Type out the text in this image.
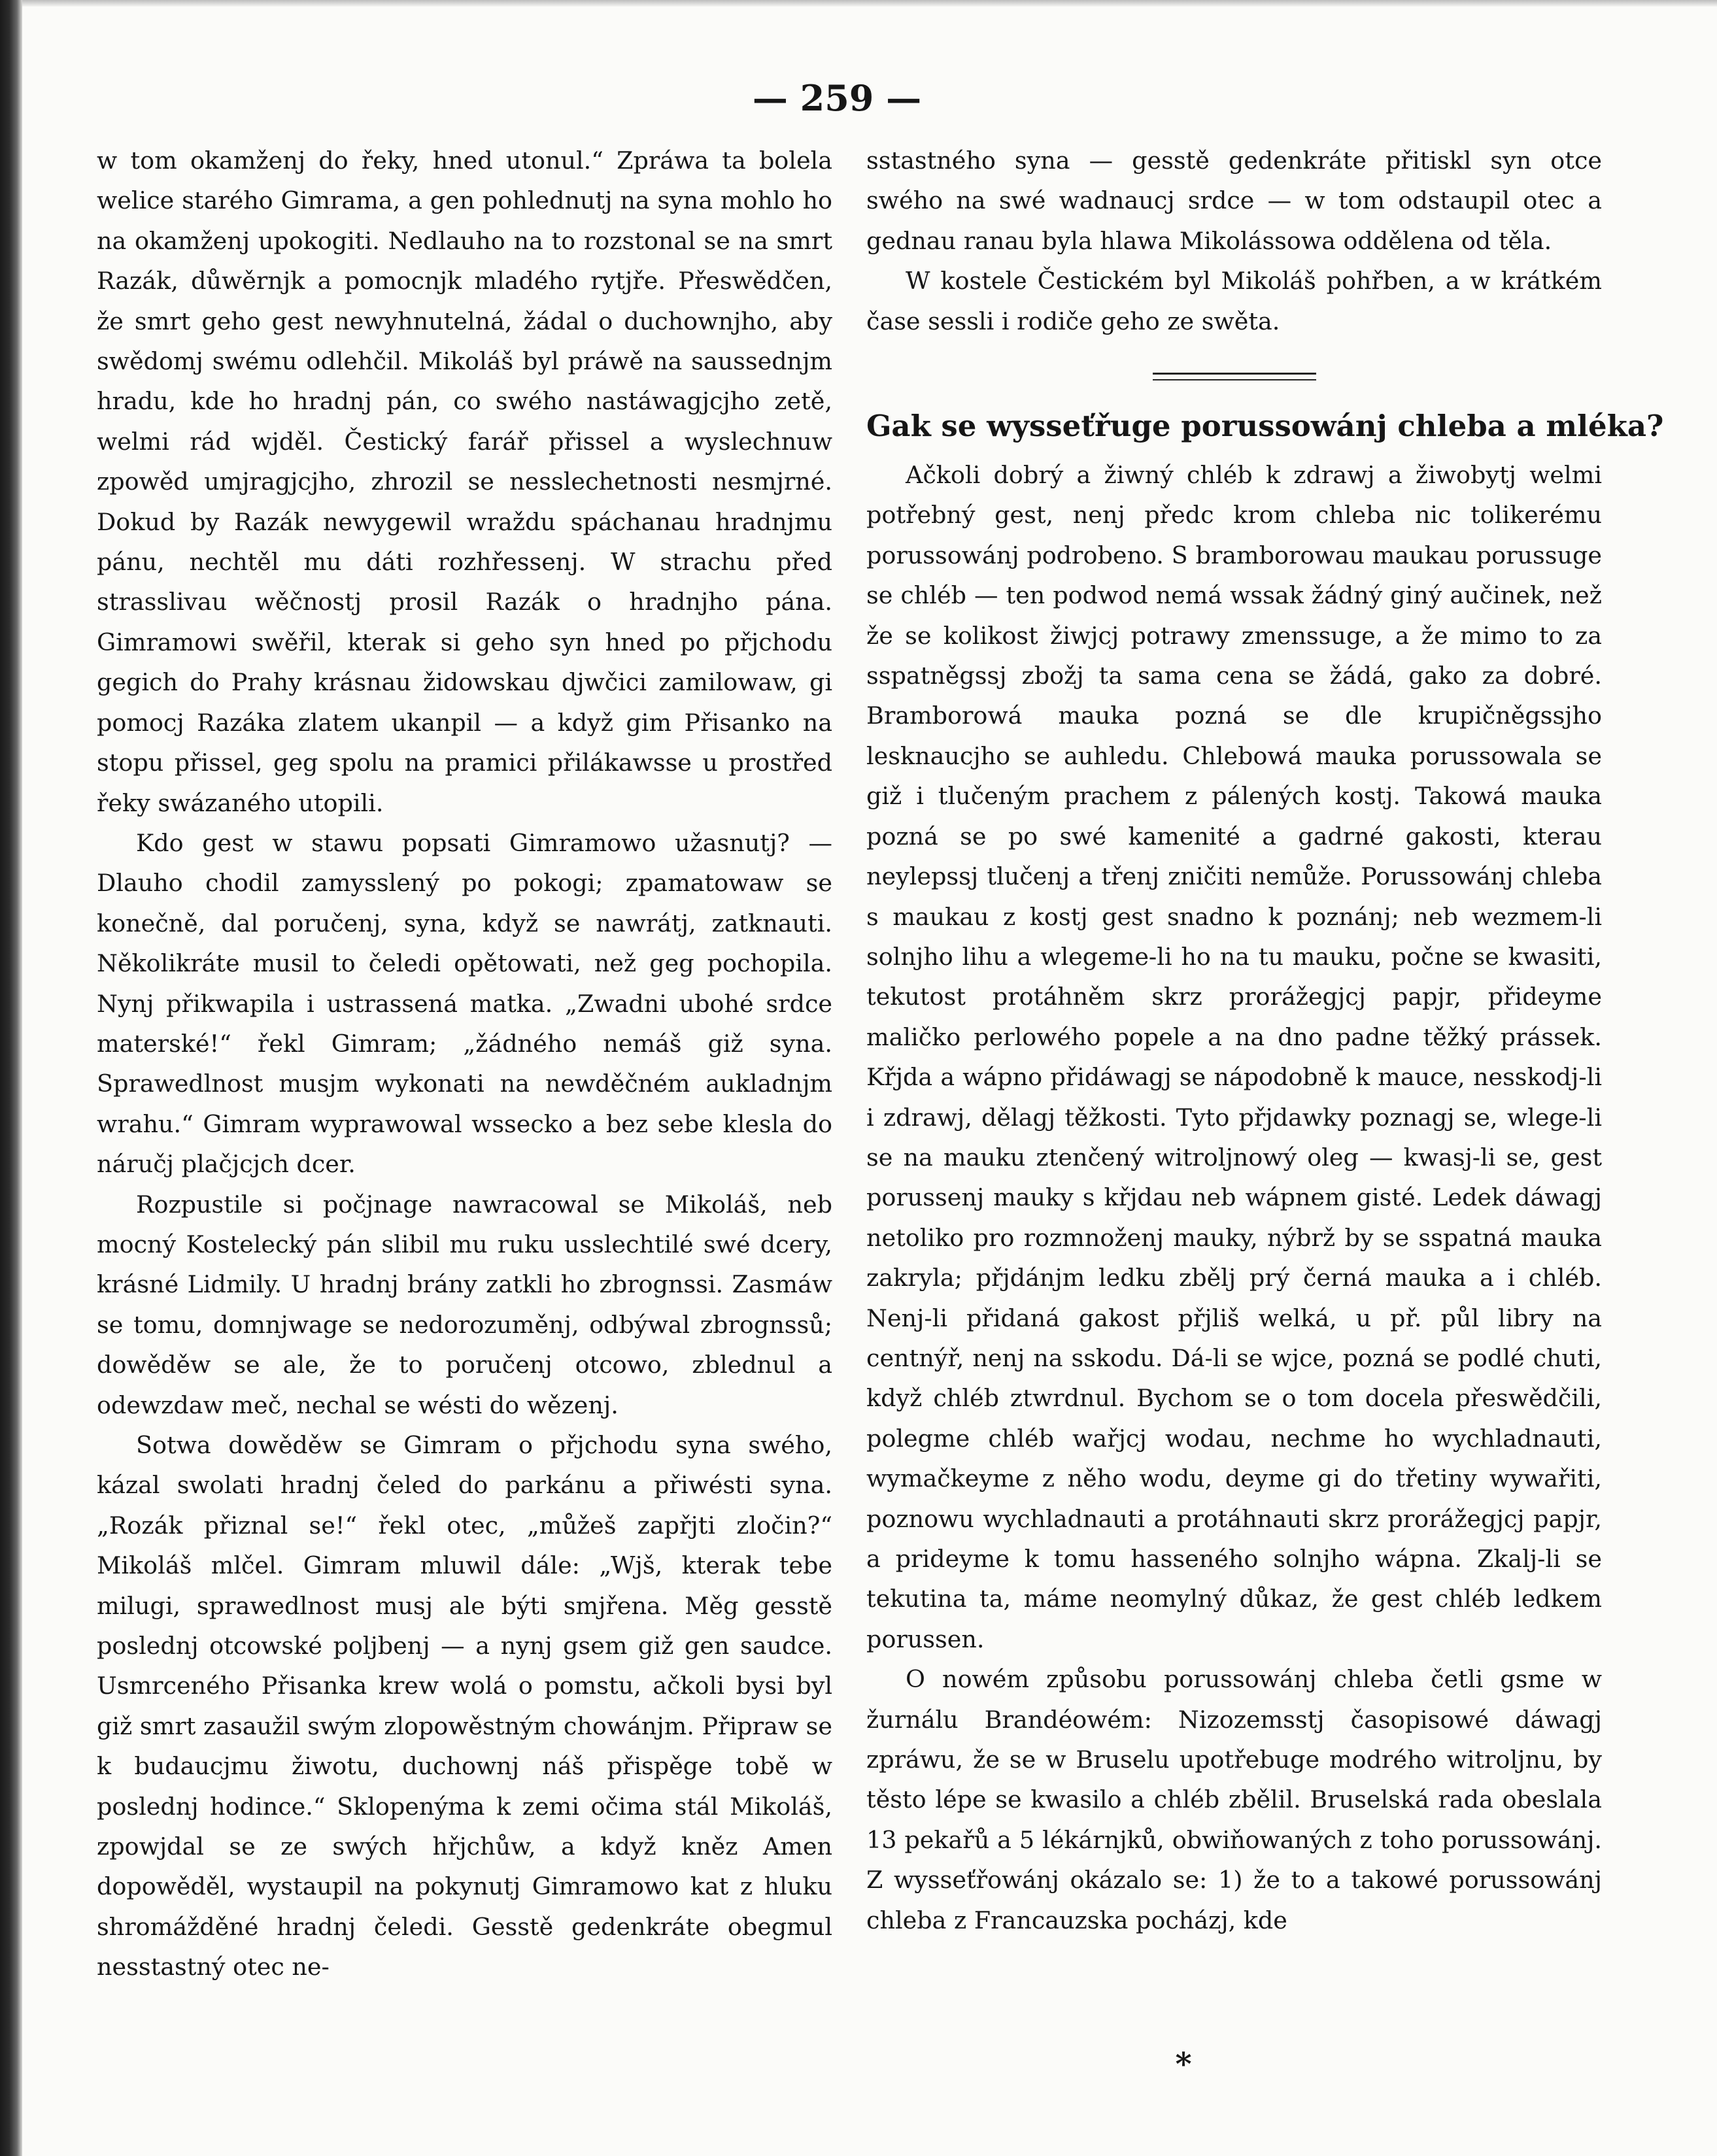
— 259 —

w tom okamženj do řeky, hned utonul.“ Zpráwa ta bolela welice starého Gimrama, a gen pohlednutj na syna mohlo ho na okamženj upokogiti. Nedlauho na to rozstonal se na smrt Razák, důwěrnjk a pomocnjk mladého rytjře. Přeswědčen, že smrt geho gest newyhnutelná, žádal o duchownjho, aby swědomj swému odlehčil. Mikoláš byl práwě na saussednjm hradu, kde ho hradnj pán, co swého nastáwagjcjho zetě, welmi rád wjděl. Čestický farář přissel a wyslechnuw zpowěd umjragjcjho, zhrozil se nesslechetnosti nesmjrné. Dokud by Razák newygewil wraždu spáchanau hradnjmu pánu, nechtěl mu dáti rozhřessenj. W strachu před strasslivau wěčnostj prosil Razák o hradnjho pána. Gimramowi swěřil, kterak si geho syn hned po přjchodu gegich do Prahy krásnau židowskau djwčici zamilowaw, gi pomocj Razáka zlatem ukanpil — a když gim Přisanko na stopu přissel, geg spolu na pramici přilákawsse u prostřed řeky swázaného utopili.

Kdo gest w stawu popsati Gimramowo užasnutj? — Dlauho chodil zamysslený po pokogi; zpamatowaw se konečně, dal poručenj, syna, když se nawrátj, zatknauti. Několikráte musil to čeledi opětowati, než geg pochopila. Nynj přikwapila i ustrassená matka. „Zwadni ubohé srdce materské!“ řekl Gimram; „žádného nemáš giž syna. Sprawedlnost musjm wykonati na newděčném aukladnjm wrahu.“ Gimram wyprawowal wssecko a bez sebe klesla do náručj plačjcjch dcer.

Rozpustile si počjnage nawracowal se Mikoláš, neb mocný Kostelecký pán slibil mu ruku usslechtilé swé dcery, krásné Lidmily. U hradnj brány zatkli ho zbrognssi. Zasmáw se tomu, domnjwage se nedorozuměnj, odbýwal zbrognssů; dowěděw se ale, že to poručenj otcowo, zblednul a odewzdaw meč, nechal se wésti do wězenj.

Sotwa dowěděw se Gimram o přjchodu syna swého, kázal swolati hradnj čeled do parkánu a přiwésti syna. „Rozák přiznal se!“ řekl otec, „můžeš zapřjti zločin?“ Mikoláš mlčel. Gimram mluwil dále: „Wjš, kterak tebe milugi, sprawedlnost musj ale býti smjřena. Měg gesstě poslednj otcowské poljbenj — a nynj gsem giž gen saudce. Usmrceného Přisanka krew wolá o pomstu, ačkoli bysi byl giž smrt zasaužil swým zlopowěstným chowánjm. Připraw se k budaucjmu žiwotu, duchownj náš přispěge tobě w poslednj hodince.“ Sklopenýma k zemi očima stál Mikoláš, zpowjdal se ze swých hřjchůw, a když kněz Amen dopowěděl, wystaupil na pokynutj Gimramowo kat z hluku shromážděné hradnj čeledi. Gesstě gedenkráte obegmul nesstastný otec ne-

sstastného syna — gesstě gedenkráte přitiskl syn otce swého na swé wadnaucj srdce — w tom odstaupil otec a gednau ranau byla hlawa Mikolássowa oddělena od těla.

W kostele Čestickém byl Mikoláš pohřben, a w krátkém čase sessli i rodiče geho ze swěta.

Gak se wysseťřuge porussowánj chleba a mléka?

Ačkoli dobrý a žiwný chléb k zdrawj a žiwobytj welmi potřebný gest, nenj předc krom chleba nic tolikerému porussowánj podrobeno. S bramborowau maukau porussuge se chléb — ten podwod nemá wssak žádný giný aučinek, než že se kolikost žiwjcj potrawy zmenssuge, a že mimo to za sspatněgssj zbožj ta sama cena se žádá, gako za dobré. Bramborowá mauka pozná se dle krupičněgssjho lesknaucjho se auhledu. Chlebowá mauka porussowala se giž i tlučeným prachem z pálených kostj. Takowá mauka pozná se po swé kamenité a gadrné gakosti, kterau neylepssj tlučenj a třenj zničiti nemůže. Porussowánj chleba s maukau z kostj gest snadno k poznánj; neb wezmem-li solnjho lihu a wlegeme-li ho na tu mauku, počne se kwasiti, tekutost protáhněm skrz prorážegjcj papjr, přideyme maličko perlowého popele a na dno padne těžký prássek. Křjda a wápno přidáwagj se nápodobně k mauce, nesskodj-li i zdrawj, dělagj těžkosti. Tyto přjdawky poznagj se, wlege-li se na mauku ztenčený witroljnowý oleg — kwasj-li se, gest porussenj mauky s křjdau neb wápnem gisté. Ledek dáwagj netoliko pro rozmnoženj mauky, nýbrž by se sspatná mauka zakryla; přjdánjm ledku zbělj prý černá mauka a i chléb. Nenj-li přidaná gakost přjliš welká, u př. půl libry na centnýř, nenj na sskodu. Dá-li se wjce, pozná se podlé chuti, když chléb ztwrdnul. Bychom se o tom docela přeswědčili, polegme chléb wařjcj wodau, nechme ho wychladnauti, wymačkeyme z něho wodu, deyme gi do třetiny wywařiti, poznowu wychladnauti a protáhnauti skrz prorážegjcj papjr, a prideyme k tomu hasseného solnjho wápna. Zkalj-li se tekutina ta, máme neomylný důkaz, že gest chléb ledkem porussen.

O nowém způsobu porussowánj chleba četli gsme w žurnálu Brandéowém: Nizozemsstj časopisowé dáwagj zpráwu, že se w Bruselu upotřebuge modrého witroljnu, by těsto lépe se kwasilo a chléb zbělil. Bruselská rada obeslala 13 pekařů a 5 lékárnjků, obwiňowaných z toho porussowánj. Z wysseťřowánj okázalo se: 1) že to a takowé porussowánj chleba z Francauzska pocházj, kde

*
